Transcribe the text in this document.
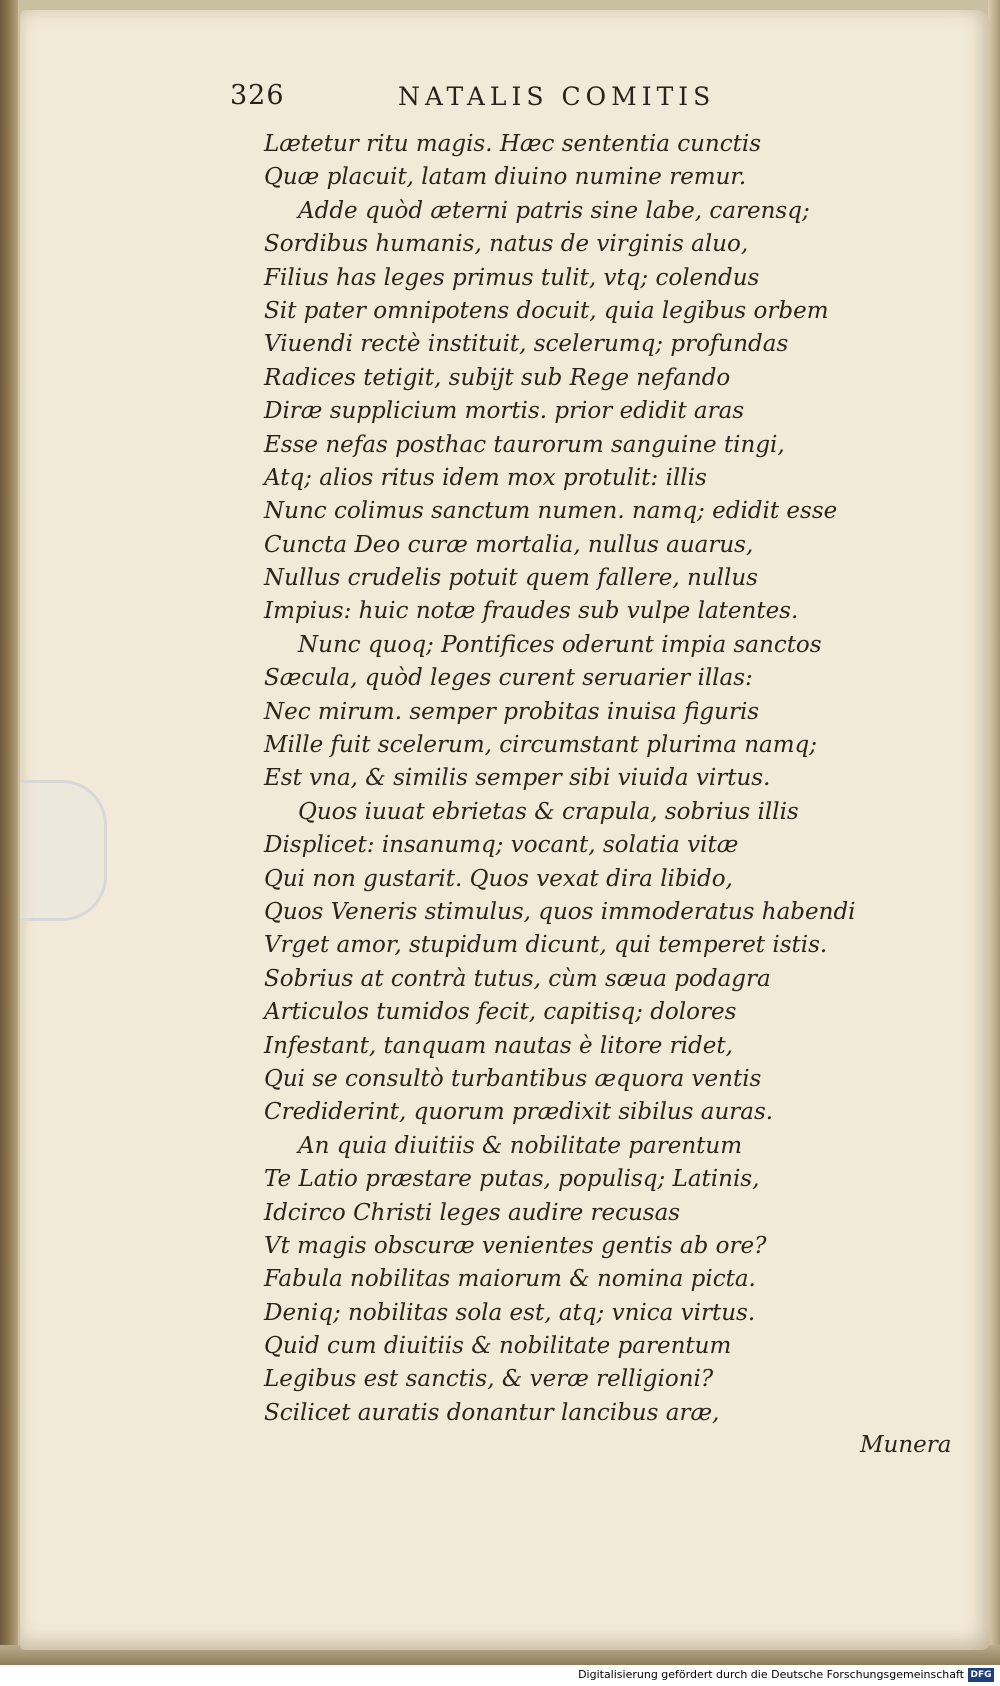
326	NATALIS COMITIS
Lætetur ritu magis. Hæc sententia cunctis
Quæ placuit, latam diuino numine remur.
Adde quòd æterni patris sine labe, carensq;
Sordibus humanis, natus de virginis aluo,
Filius has leges primus tulit, vtq; colendus
Sit pater omnipotens docuit, quia legibus orbem
Viuendi rectè instituit, scelerumq; profundas
Radices tetigit, subijt sub Rege nefando
Diræ supplicium mortis. prior edidit aras
Esse nefas posthac taurorum sanguine tingi,
Atq; alios ritus idem mox protulit: illis
Nunc colimus sanctum numen. namq; edidit esse
Cuncta Deo curæ mortalia, nullus auarus,
Nullus crudelis potuit quem fallere, nullus
Impius: huic notæ fraudes sub vulpe latentes.
Nunc quoq; Pontifices oderunt impia sanctos
Sæcula, quòd leges curent seruarier illas:
Nec mirum. semper probitas inuisa figuris
Mille fuit scelerum, circumstant plurima namq;
Est vna, & similis semper sibi viuida virtus.
Quos iuuat ebrietas & crapula, sobrius illis
Displicet: insanumq; vocant, solatia vitæ
Qui non gustarit. Quos vexat dira libido,
Quos Veneris stimulus, quos immoderatus habendi
Vrget amor, stupidum dicunt, qui temperet istis.
Sobrius at contrà tutus, cùm sæua podagra
Articulos tumidos fecit, capitisq; dolores
Infestant, tanquam nautas è litore ridet,
Qui se consultò turbantibus æquora ventis
Crediderint, quorum prædixit sibilus auras.
An quia diuitiis & nobilitate parentum
Te Latio præstare putas, populisq; Latinis,
Idcirco Christi leges audire recusas
Vt magis obscuræ venientes gentis ab ore?
Fabula nobilitas maiorum & nomina picta.
Deniq; nobilitas sola est, atq; vnica virtus.
Quid cum diuitiis & nobilitate parentum
Legibus est sanctis, & veræ relligioni?
Scilicet auratis donantur lancibus aræ,
Munera
Digitalisierung gefördert durch die Deutsche Forschungsgemeinschaft DFG
